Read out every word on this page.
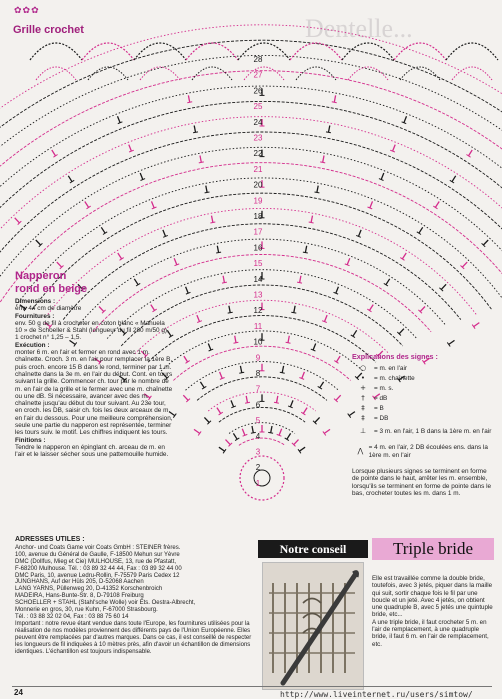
✿✿✿
Grille crochet	Dentelle...
28
27
26
25
24
23
22
21
20
19
18
17
16
15
14
13
12
11
10
9
8
7
6
5
4
3
2
1
Napperon
rond en beige

Dimensions :

env. 44 cm de diamètre

Fournitures :

env. 50 g de fil à crocheter en coton blanc « Manuela 10 » de Schoeller & Stahl (longueur du fil 280 m/50 g), 1 crochet n° 1,25 – 1,5.

Exécution :

monter 6 m. en l'air et fermer en rond avec 1 m. chaînette. Croch. 3 m. en l'air pour remplacer la 1ère B, puis croch. encore 15 B dans le rond, terminer par 1 m. chaînette dans la 3e m. en l'air du début. Cont. en tours suivant la grille. Commencer ch. tour par le nombre de m. en l'air de la grille et le fermer avec une m. chaînette ou une dB. Si nécessaire, avancer avec des m. chaînette jusqu'au début du tour suivant. Au 23e tour, en croch. les DB, saisir ch. fois les deux arceaux de m. en l'air du dessous. Pour une meilleure compréhension, seule une partie du napperon est représentée, terminer les tours suiv. le motif. Les chiffres indiquent les tours.

Finitions :

Tendre le napperon en épinglant ch. arceau de m. en l'air et le laisser sécher sous une pattemouille humide.

Explications des signes :
○	= m. en l'air
•	= m. chaînette
+	= m. s.
†	= dB
‡	= B
‡	= DB
⊥	= 3 m. en l'air, 1 B dans la 1ère m. en l'air
⋀ = 4 m. en l'air, 2 DB écoulées ens. dans la 1ère m. en l'air
Lorsque plusieurs signes se terminent en forme de pointe dans le haut, arrêter les m. ensemble, lorsqu'ils se terminent en forme de pointe dans le bas, crocheter toutes les m. dans 1 m.
ADRESSES UTILES :

Anchor- und Coats Game voir Coats GmbH : STEINER frères.

100, avenue du Général de Gaulle, F-18500 Mehun sur Yèvre

DMC (Dollfus, Mieg et Cie) MULHOUSE, 13, rue de Pfastatt,

F-68200 Mulhouse. Tél. : 03 89 32 44 44, Fax : 03 89 32 44 00

DMC Paris, 10, avenue Ledru-Rollin, F-75579 Paris Cedex 12

JUNGHANS, Auf der Hüls 205, D-52068 Aachen

LANG YARNS, Püllenweg 20, D-41352 Korschenbroich

MADEIRA, Hans-Bunte-Str. 8, D-79108 Freiburg

SCHOELLER + STAHL (Stahl'sche Wolle) voir Ets. Oestra-Albrecht,

Monnerie en gros, 30, rue Kuhn, F-67000 Strasbourg.

Tél. : 03 88 32 02 04, Fax : 03 88 75 60 14

Important : notre revue étant vendue dans toute l'Europe, les fournitures utilisées pour la réalisation de nos modèles proviennent des différents pays de l'Union Européenne. Elles peuvent être remplacées par d'autres marques. Dans ce cas, il est conseillé de respecter les longueurs de fil indiquées à 10 mètres près, afin d'avoir un échantillon de dimensions identiques. L'échantillon est toujours indispensable.

Notre conseil	Triple bride

Elle est travaillée comme la double bride, toutefois, avec 3 jetés, piquer dans la maille qui suit, sortir chaque fois le fil par une boucle et un jeté. Avec 4 jetés, on obtient une quadruple B, avec 5 jetés une quintuple bride, etc...

A une triple bride, il faut crocheter 5 m. en l'air de remplacement, à une quadruple bride, il faut 6 m. en l'air de remplacement, etc.

24	http://www.liveinternet.ru/users/simtow/
